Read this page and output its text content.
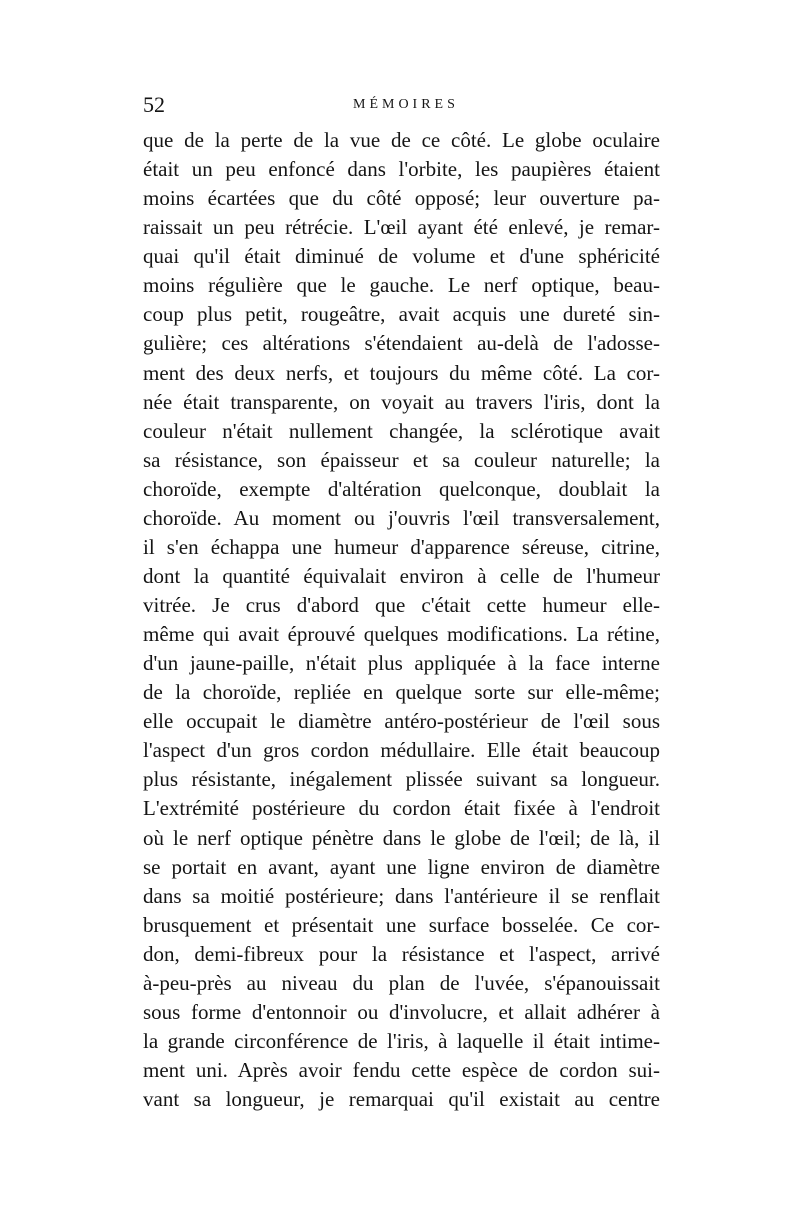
52	MÉMOIRES
que de la perte de la vue de ce côté. Le globe oculaire
était un peu enfoncé dans l'orbite, les paupières étaient
moins écartées que du côté opposé; leur ouverture pa-
raissait un peu rétrécie. L'œil ayant été enlevé, je remar-
quai qu'il était diminué de volume et d'une sphéricité
moins régulière que le gauche. Le nerf optique, beau-
coup plus petit, rougeâtre, avait acquis une dureté sin-
gulière; ces altérations s'étendaient au-delà de l'adosse-
ment des deux nerfs, et toujours du même côté. La cor-
née était transparente, on voyait au travers l'iris, dont la
couleur n'était nullement changée, la sclérotique avait
sa résistance, son épaisseur et sa couleur naturelle; la
choroïde, exempte d'altération quelconque, doublait la
choroïde. Au moment ou j'ouvris l'œil transversalement,
il s'en échappa une humeur d'apparence séreuse, citrine,
dont la quantité équivalait environ à celle de l'humeur
vitrée. Je crus d'abord que c'était cette humeur elle-
même qui avait éprouvé quelques modifications. La rétine,
d'un jaune-paille, n'était plus appliquée à la face interne
de la choroïde, repliée en quelque sorte sur elle-même;
elle occupait le diamètre antéro-postérieur de l'œil sous
l'aspect d'un gros cordon médullaire. Elle était beaucoup
plus résistante, inégalement plissée suivant sa longueur.
L'extrémité postérieure du cordon était fixée à l'endroit
où le nerf optique pénètre dans le globe de l'œil; de là, il
se portait en avant, ayant une ligne environ de diamètre
dans sa moitié postérieure; dans l'antérieure il se renflait
brusquement et présentait une surface bosselée. Ce cor-
don, demi-fibreux pour la résistance et l'aspect, arrivé
à-peu-près au niveau du plan de l'uvée, s'épanouissait
sous forme d'entonnoir ou d'involucre, et allait adhérer à
la grande circonférence de l'iris, à laquelle il était intime-
ment uni. Après avoir fendu cette espèce de cordon sui-
vant sa longueur, je remarquai qu'il existait au centre
